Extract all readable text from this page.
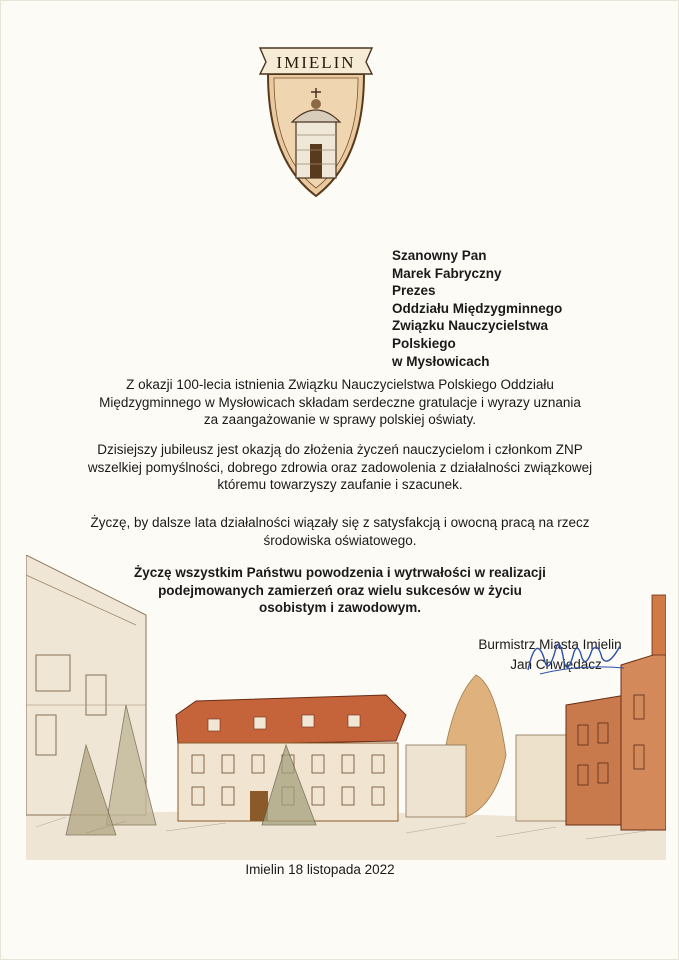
IMIELIN
Szanowny Pan
Marek Fabryczny
Prezes
Oddziału Międzygminnego
Związku Nauczycielstwa
Polskiego
w Mysłowicach
Z okazji 100-lecia istnienia Związku Nauczycielstwa Polskiego Oddziału
Międzygminnego w Mysłowicach składam serdeczne gratulacje i wyrazy uznania
za zaangażowanie w sprawy polskiej oświaty.
Dzisiejszy jubileusz jest okazją do złożenia życzeń nauczycielom i członkom ZNP
wszelkiej pomyślności, dobrego zdrowia oraz zadowolenia z działalności związkowej
któremu towarzyszy zaufanie i szacunek.
Życzę, by dalsze lata działalności wiązały się z satysfakcją i owocną pracą na rzecz
środowiska oświatowego.
Życzę wszystkim Państwu powodzenia i wytrwałości w realizacji
podejmowanych zamierzeń oraz wielu sukcesów w życiu
osobistym i zawodowym.
Burmistrz Miasta Imielin
Jan Chwiędacz
Imielin 18 listopada 2022
